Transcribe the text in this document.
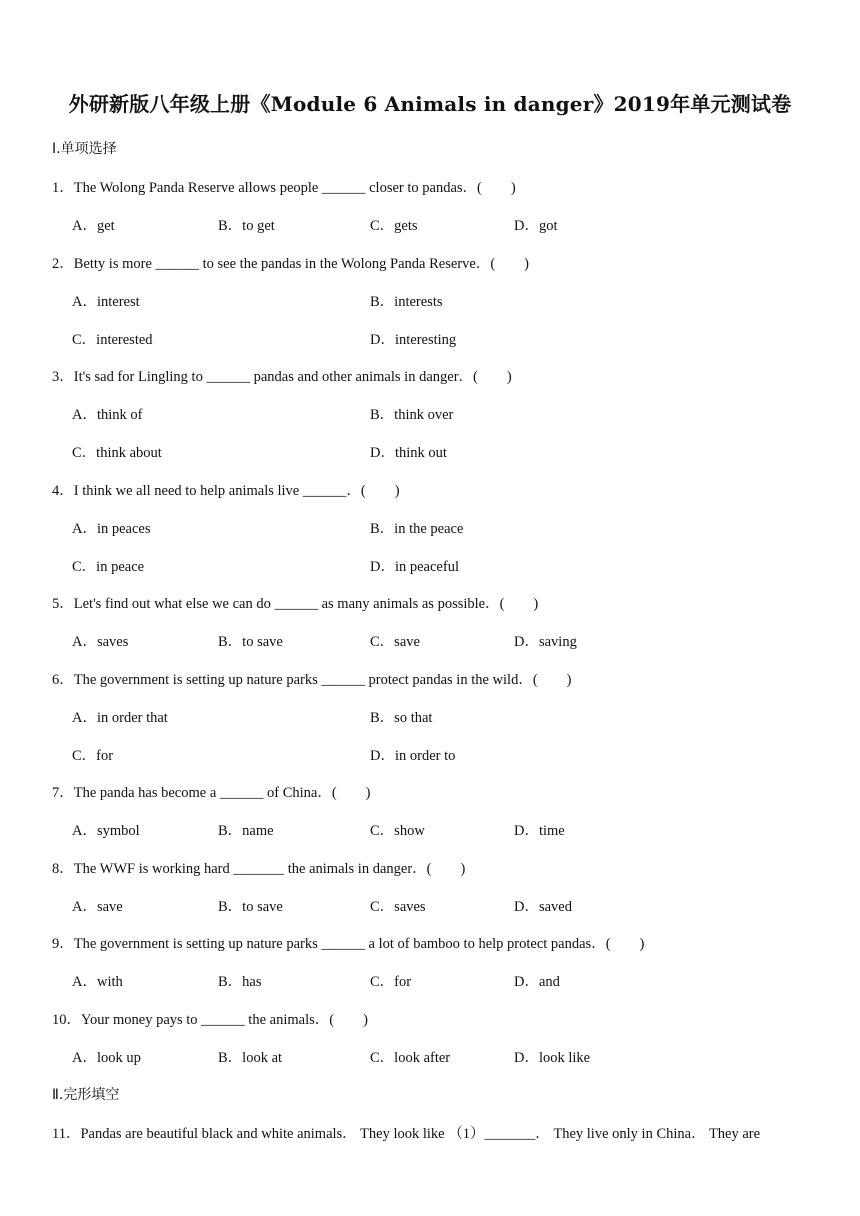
外研新版八年级上册《Module 6 Animals in danger》2019年单元测试卷
Ⅰ.单项选择
1．The Wolong Panda Reserve allows people ______ closer to pandas．(　　)
A．get	B．to get	C．gets	D．got
2．Betty is more ______ to see the pandas in the Wolong Panda Reserve．(　　)
A．interest	B．interests
C．interested	D．interesting
3．It's sad for Lingling to ______ pandas and other animals in danger．(　　)
A．think of	B．think over
C．think about	D．think out
4．I think we all need to help animals live ______．(　　)
A．in peaces	B．in the peace
C．in peace	D．in peaceful
5．Let's find out what else we can do ______ as many animals as possible．(　　)
A．saves	B．to save	C．save	D．saving
6．The government is setting up nature parks ______ protect pandas in the wild．(　　)
A．in order that	B．so that
C．for	D．in order to
7．The panda has become a ______ of China．(　　)
A．symbol	B．name	C．show	D．time
8．The WWF is working hard _______ the animals in danger．(　　)
A．save	B．to save	C．saves	D．saved
9．The government is setting up nature parks ______ a lot of bamboo to help protect pandas．(　　)
A．with	B．has	C．for	D．and
10．Your money pays to ______ the animals．(　　)
A．look up	B．look at	C．look after	D．look like
Ⅱ.完形填空
11．Pandas are beautiful black and white animals． They look like （1）_______． They live only in China． They are
